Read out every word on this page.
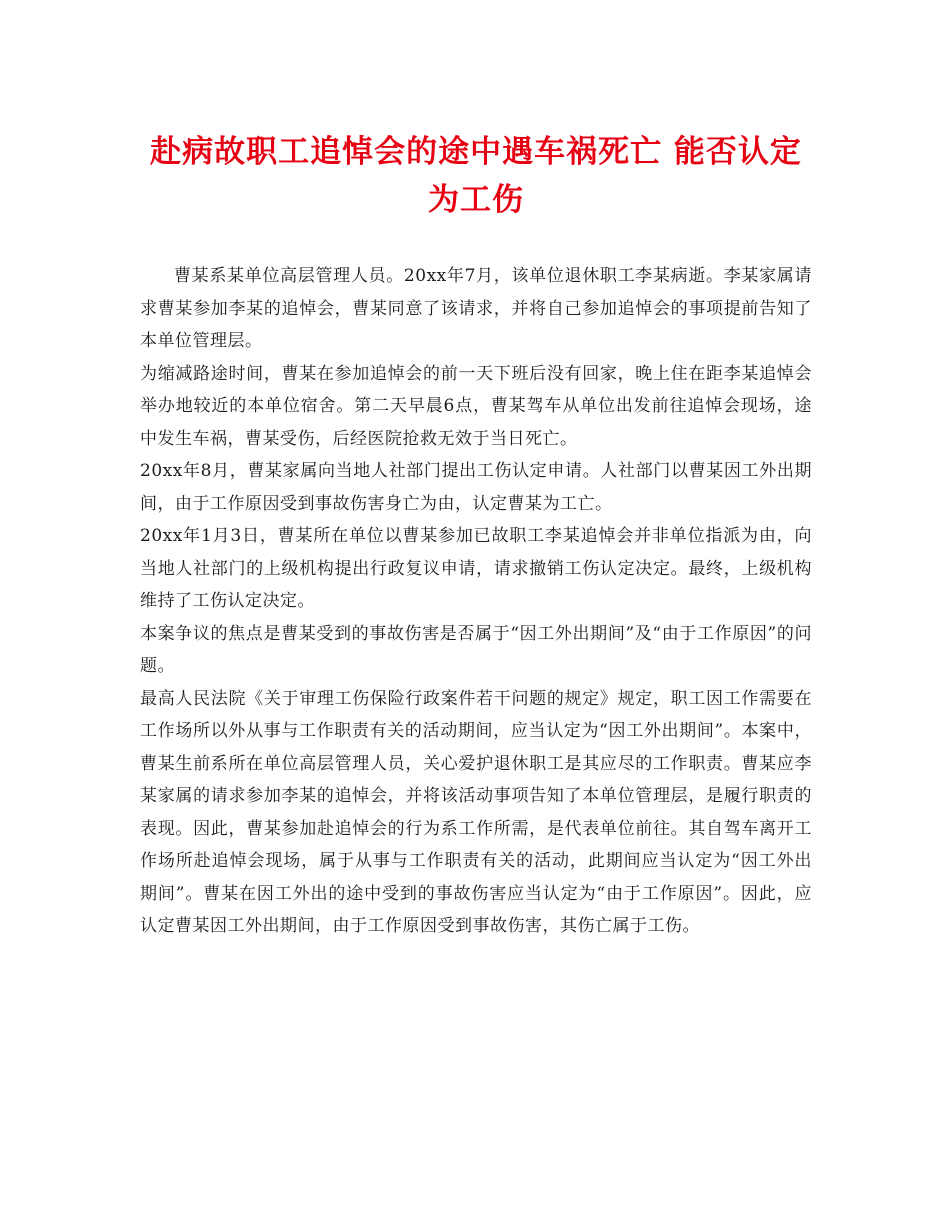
赴病故职工追悼会的途中遇车祸死亡 能否认定为工伤

曹某系某单位高层管理人员。20xx年7月，该单位退休职工李某病逝。李某家属请求曹某参加李某的追悼会，曹某同意了该请求，并将自己参加追悼会的事项提前告知了本单位管理层。

为缩减路途时间，曹某在参加追悼会的前一天下班后没有回家，晚上住在距李某追悼会举办地较近的本单位宿舍。第二天早晨6点，曹某驾车从单位出发前往追悼会现场，途中发生车祸，曹某受伤，后经医院抢救无效于当日死亡。

20xx年8月，曹某家属向当地人社部门提出工伤认定申请。人社部门以曹某因工外出期间，由于工作原因受到事故伤害身亡为由，认定曹某为工亡。

20xx年1月3日，曹某所在单位以曹某参加已故职工李某追悼会并非单位指派为由，向当地人社部门的上级机构提出行政复议申请，请求撤销工伤认定决定。最终，上级机构维持了工伤认定决定。

本案争议的焦点是曹某受到的事故伤害是否属于“因工外出期间”及“由于工作原因”的问题。

最高人民法院《关于审理工伤保险行政案件若干问题的规定》规定，职工因工作需要在工作场所以外从事与工作职责有关的活动期间，应当认定为“因工外出期间”。本案中，曹某生前系所在单位高层管理人员，关心爱护退休职工是其应尽的工作职责。曹某应李某家属的请求参加李某的追悼会，并将该活动事项告知了本单位管理层，是履行职责的表现。因此，曹某参加赴追悼会的行为系工作所需，是代表单位前往。其自驾车离开工作场所赴追悼会现场，属于从事与工作职责有关的活动，此期间应当认定为“因工外出期间”。曹某在因工外出的途中受到的事故伤害应当认定为“由于工作原因”。因此，应认定曹某因工外出期间，由于工作原因受到事故伤害，其伤亡属于工伤。
